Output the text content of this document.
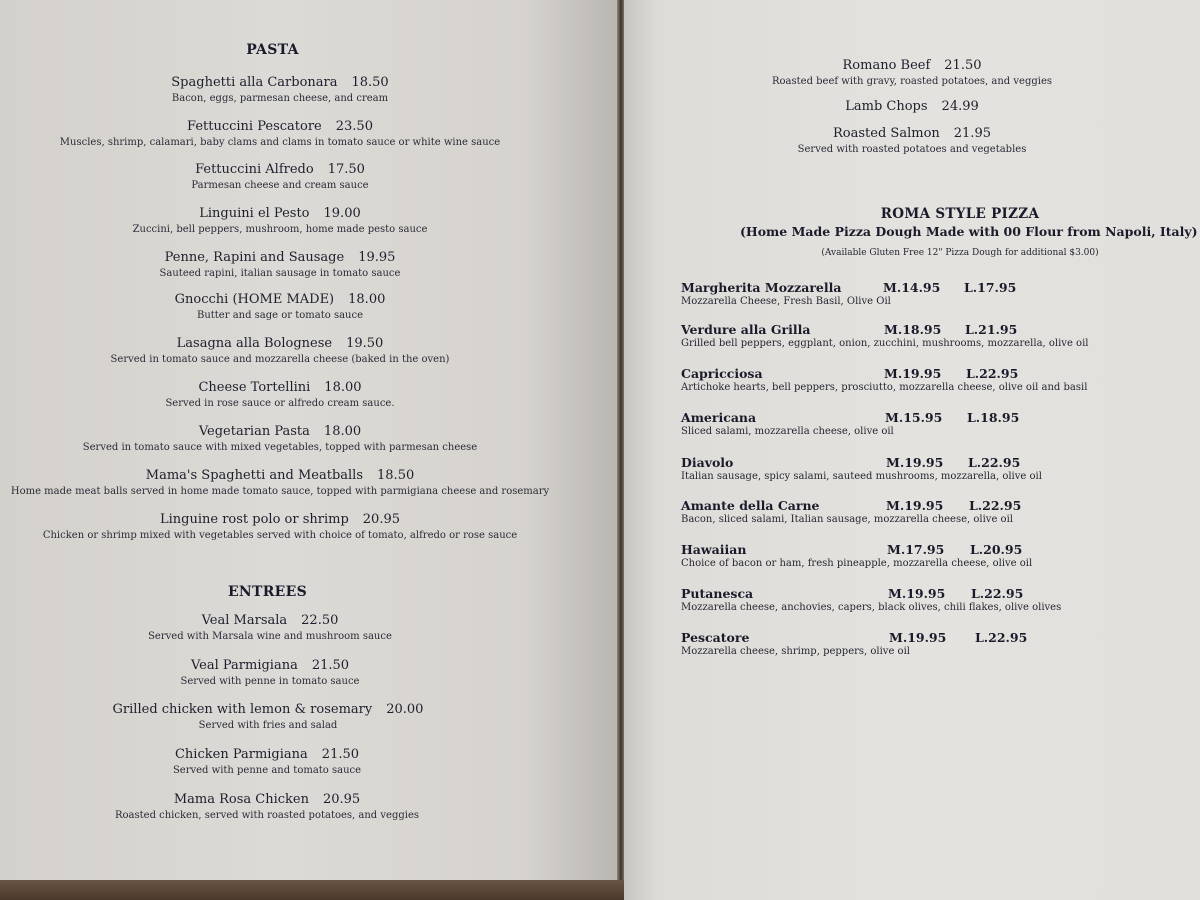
PASTA
Spaghetti alla Carbonara 18.50
Bacon, eggs, parmesan cheese, and cream
Fettuccini Pescatore 23.50
Muscles, shrimp, calamari, baby clams and clams in tomato sauce or white wine sauce
Fettuccini Alfredo 17.50
Parmesan cheese and cream sauce
Linguini el Pesto 19.00
Zuccini, bell peppers, mushroom, home made pesto sauce
Penne, Rapini and Sausage 19.95
Sauteed rapini, italian sausage in tomato sauce
Gnocchi (HOME MADE) 18.00
Butter and sage or tomato sauce
Lasagna alla Bolognese 19.50
Served in tomato sauce and mozzarella cheese (baked in the oven)
Cheese Tortellini 18.00
Served in rose sauce or alfredo cream sauce.
Vegetarian Pasta 18.00
Served in tomato sauce with mixed vegetables, topped with parmesan cheese
Mama's Spaghetti and Meatballs 18.50
Home made meat balls served in home made tomato sauce, topped with parmigiana cheese and rosemary
Linguine rost polo or shrimp 20.95
Chicken or shrimp mixed with vegetables served with choice of tomato, alfredo or rose sauce
ENTREES
Veal Marsala 22.50
Served with Marsala wine and mushroom sauce
Veal Parmigiana 21.50
Served with penne in tomato sauce
Grilled chicken with lemon & rosemary 20.00
Served with fries and salad
Chicken Parmigiana 21.50
Served with penne and tomato sauce
Mama Rosa Chicken 20.95
Roasted chicken, served with roasted potatoes, and veggies
Romano Beef 21.50
Roasted beef with gravy, roasted potatoes, and veggies
Lamb Chops 24.99
Roasted Salmon 21.95
Served with roasted potatoes and vegetables
ROMA STYLE PIZZA
(Home Made Pizza Dough Made with 00 Flour from Napoli, Italy)
(Available Gluten Free 12" Pizza Dough for additional $3.00)
Margherita Mozzarella	M.14.95 L.17.95
Mozzarella Cheese, Fresh Basil, Olive Oil
Verdure alla Grilla	M.18.95 L.21.95
Grilled bell peppers, eggplant, onion, zucchini, mushrooms, mozzarella, olive oil
Capricciosa	M.19.95 L.22.95
Artichoke hearts, bell peppers, prosciutto, mozzarella cheese, olive oil and basil
Americana	M.15.95 L.18.95
Sliced salami, mozzarella cheese, olive oil
Diavolo	M.19.95 L.22.95
Italian sausage, spicy salami, sauteed mushrooms, mozzarella, olive oil
Amante della Carne	M.19.95 L.22.95
Bacon, sliced salami, Italian sausage, mozzarella cheese, olive oil
Hawaiian	M.17.95 L.20.95
Choice of bacon or ham, fresh pineapple, mozzarella cheese, olive oil
Putanesca	M.19.95 L.22.95
Mozzarella cheese, anchovies, capers, black olives, chili flakes, olive olives
Pescatore	M.19.95 L.22.95
Mozzarella cheese, shrimp, peppers, olive oil
